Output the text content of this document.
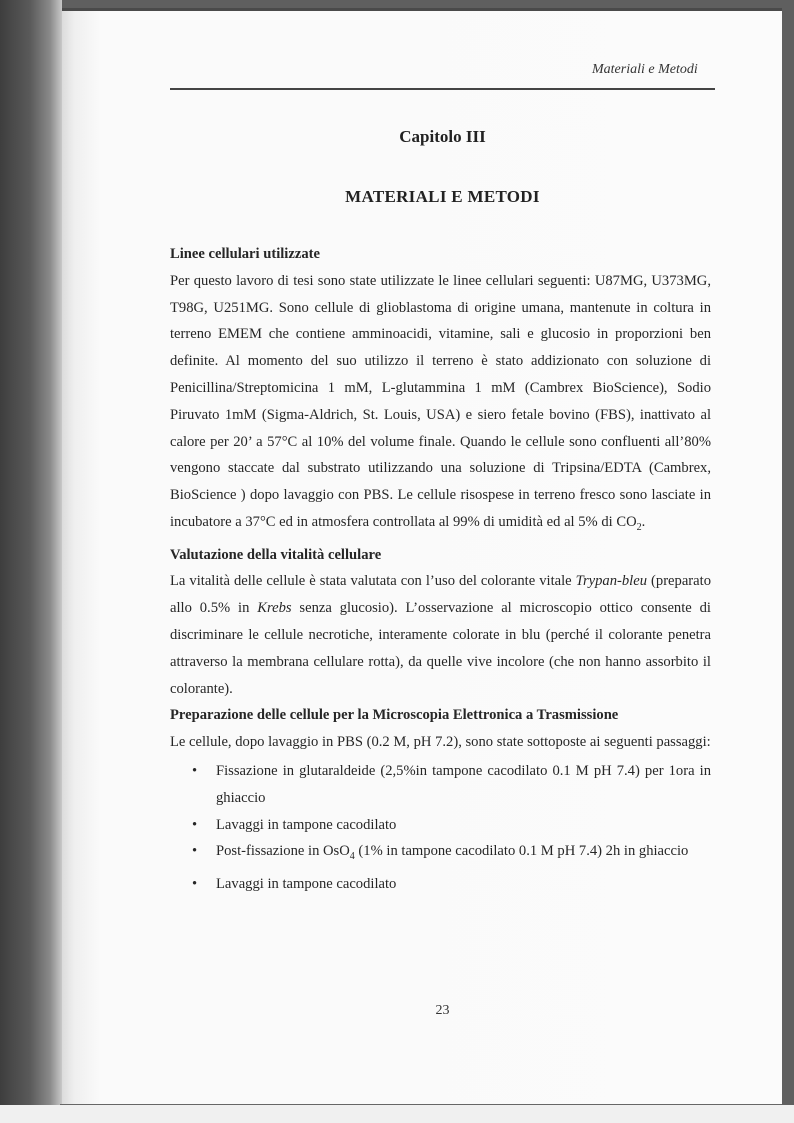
Materiali e Metodi
Capitolo III
MATERIALI E METODI

Linee cellulari utilizzate

Per questo lavoro di tesi sono state utilizzate le linee cellulari seguenti: U87MG, U373MG, T98G, U251MG. Sono cellule di glioblastoma di origine umana, mantenute in coltura in terreno EMEM che contiene amminoacidi, vitamine, sali e glucosio in proporzioni ben definite. Al momento del suo utilizzo il terreno è stato addizionato con soluzione di Penicillina/Streptomicina 1 mM, L-glutammina 1 mM (Cambrex BioScience), Sodio Piruvato 1mM (Sigma-Aldrich, St. Louis, USA) e siero fetale bovino (FBS), inattivato al calore per 20’ a 57°C al 10% del volume finale. Quando le cellule sono confluenti all’80% vengono staccate dal substrato utilizzando una soluzione di Tripsina/EDTA (Cambrex, BioScience ) dopo lavaggio con PBS. Le cellule risospese in terreno fresco sono lasciate in incubatore a 37°C ed in atmosfera controllata al 99% di umidità ed al 5% di $CO_2$.

Valutazione della vitalità cellulare

La vitalità delle cellule è stata valutata con l’uso del colorante vitale Trypan-bleu (preparato allo 0.5% in Krebs senza glucosio). L’osservazione al microscopio ottico consente di discriminare le cellule necrotiche, interamente colorate in blu (perché il colorante penetra attraverso la membrana cellulare rotta), da quelle vive incolore (che non hanno assorbito il colorante).

Preparazione delle cellule per la Microscopia Elettronica a Trasmissione

Le cellule, dopo lavaggio in PBS (0.2 M, pH 7.2), sono state sottoposte ai seguenti passaggi:

• Fissazione in glutaraldeide (2,5%in tampone cacodilato 0.1 M pH 7.4) per 1ora in ghiaccio
• Lavaggi in tampone cacodilato
• Post-fissazione in OsO$_4$ (1% in tampone cacodilato 0.1 M pH 7.4) 2h in ghiaccio
• Lavaggi in tampone cacodilato
23
